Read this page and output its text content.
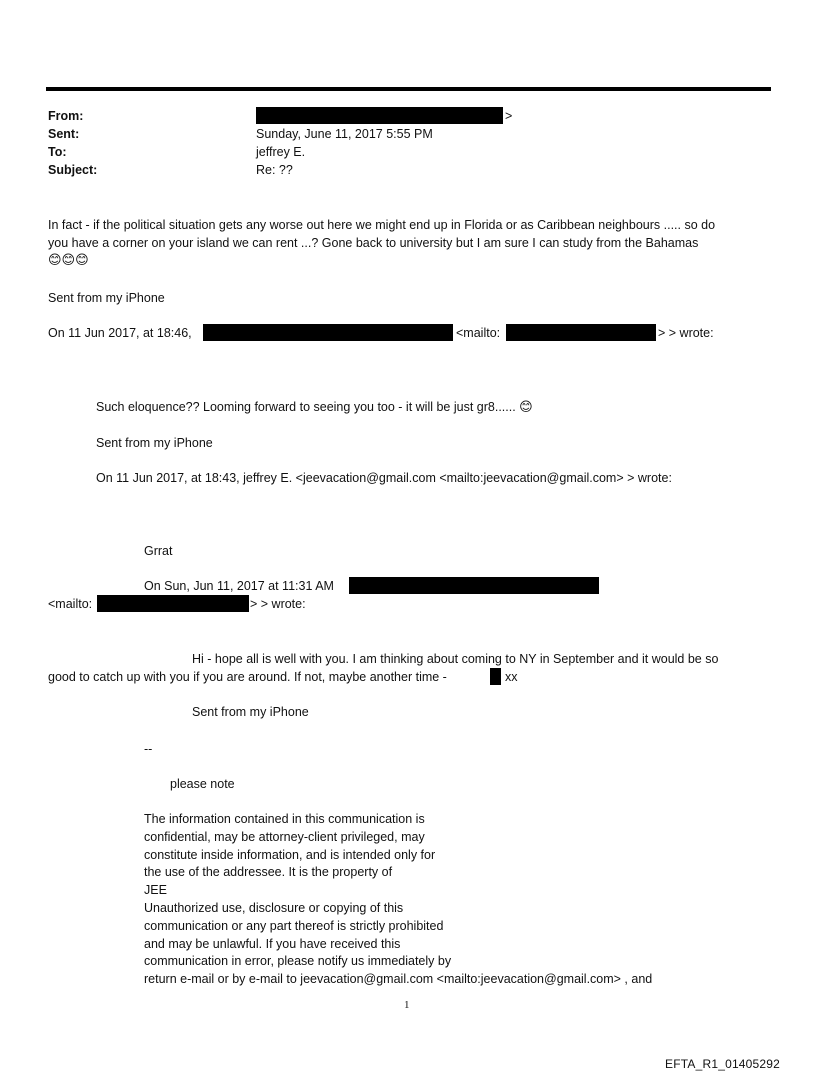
From:	>
Sent:	Sunday, June 11, 2017 5:55 PM
To:	jeffrey E.
Subject:	Re: ??
In fact - if the political situation gets any worse out here we might end up in Florida or as Caribbean neighbours ..... so do
you have a corner on your island we can rent ...? Gone back to university but I am sure I can study from the Bahamas
😊😊😊
Sent from my iPhone
On 11 Jun 2017, at 18:46,	<mailto:	> > wrote:
Such eloquence?? Looming forward to seeing you too - it will be just gr8...... 😊
Sent from my iPhone
On 11 Jun 2017, at 18:43, jeffrey E. <jeevacation@gmail.com <mailto:jeevacation@gmail.com> > wrote:
Grrat
On Sun, Jun 11, 2017 at 11:31 AM
<mailto:	> > wrote:
Hi - hope all is well with you. I am thinking about coming to NY in September and it would be so
good to catch up with you if you are around. If not, maybe another time -	xx
Sent from my iPhone
--
please note
The information contained in this communication is
confidential, may be attorney-client privileged, may
constitute inside information, and is intended only for
the use of the addressee. It is the property of
JEE
Unauthorized use, disclosure or copying of this
communication or any part thereof is strictly prohibited
and may be unlawful. If you have received this
communication in error, please notify us immediately by
return e-mail or by e-mail to jeevacation@gmail.com <mailto:jeevacation@gmail.com> , and
1
EFTA_R1_01405292
